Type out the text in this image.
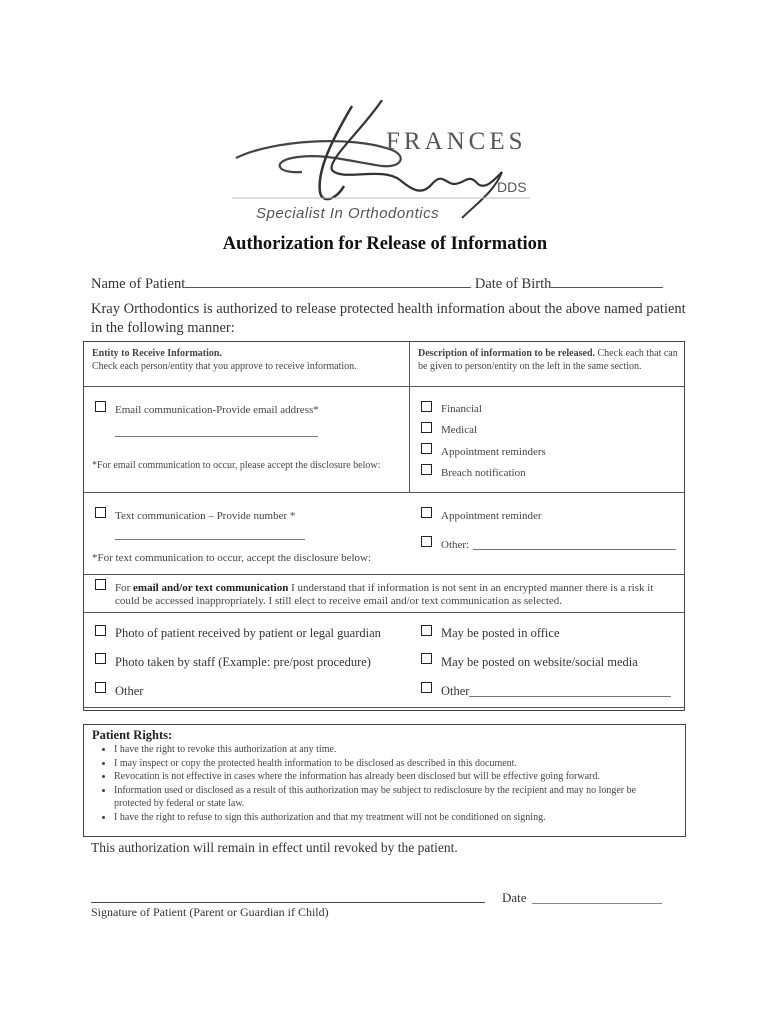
FRANCES
DDS
Specialist In Orthodontics
Authorization for Release of Information
Name of Patient	Date of Birth
Kray Orthodontics is authorized to release protected health information about the above named patient in the following manner:
Entity to Receive Information.
Check each person/entity that you approve to receive information.
Description of information to be released. Check each that can be given to person/entity on the left in the same section.
Email communication-Provide email address*
*For email communication to occur, please accept the disclosure below:
Financial
Medical
Appointment reminders
Breach notification
Text communication – Provide number *
*For text communication to occur, accept the disclosure below:
Appointment reminder
Other:
For email and/or text communication I understand that if information is not sent in an encrypted manner there is a risk it could be accessed inappropriately. I still elect to receive email and/or text communication as selected.
Photo of patient received by patient or legal guardian
Photo taken by staff (Example: pre/post procedure)
Other
May be posted in office
May be posted on website/social media
Other
Patient Rights:
• I have the right to revoke this authorization at any time.
• I may inspect or copy the protected health information to be disclosed as described in this document.
• Revocation is not effective in cases where the information has already been disclosed but will be effective going forward.
• Information used or disclosed as a result of this authorization may be subject to redisclosure by the recipient and may no longer be protected by federal or state law.
• I have the right to refuse to sign this authorization and that my treatment will not be conditioned on signing.
This authorization will remain in effect until revoked by the patient.
Date
Signature of Patient (Parent or Guardian if Child)
